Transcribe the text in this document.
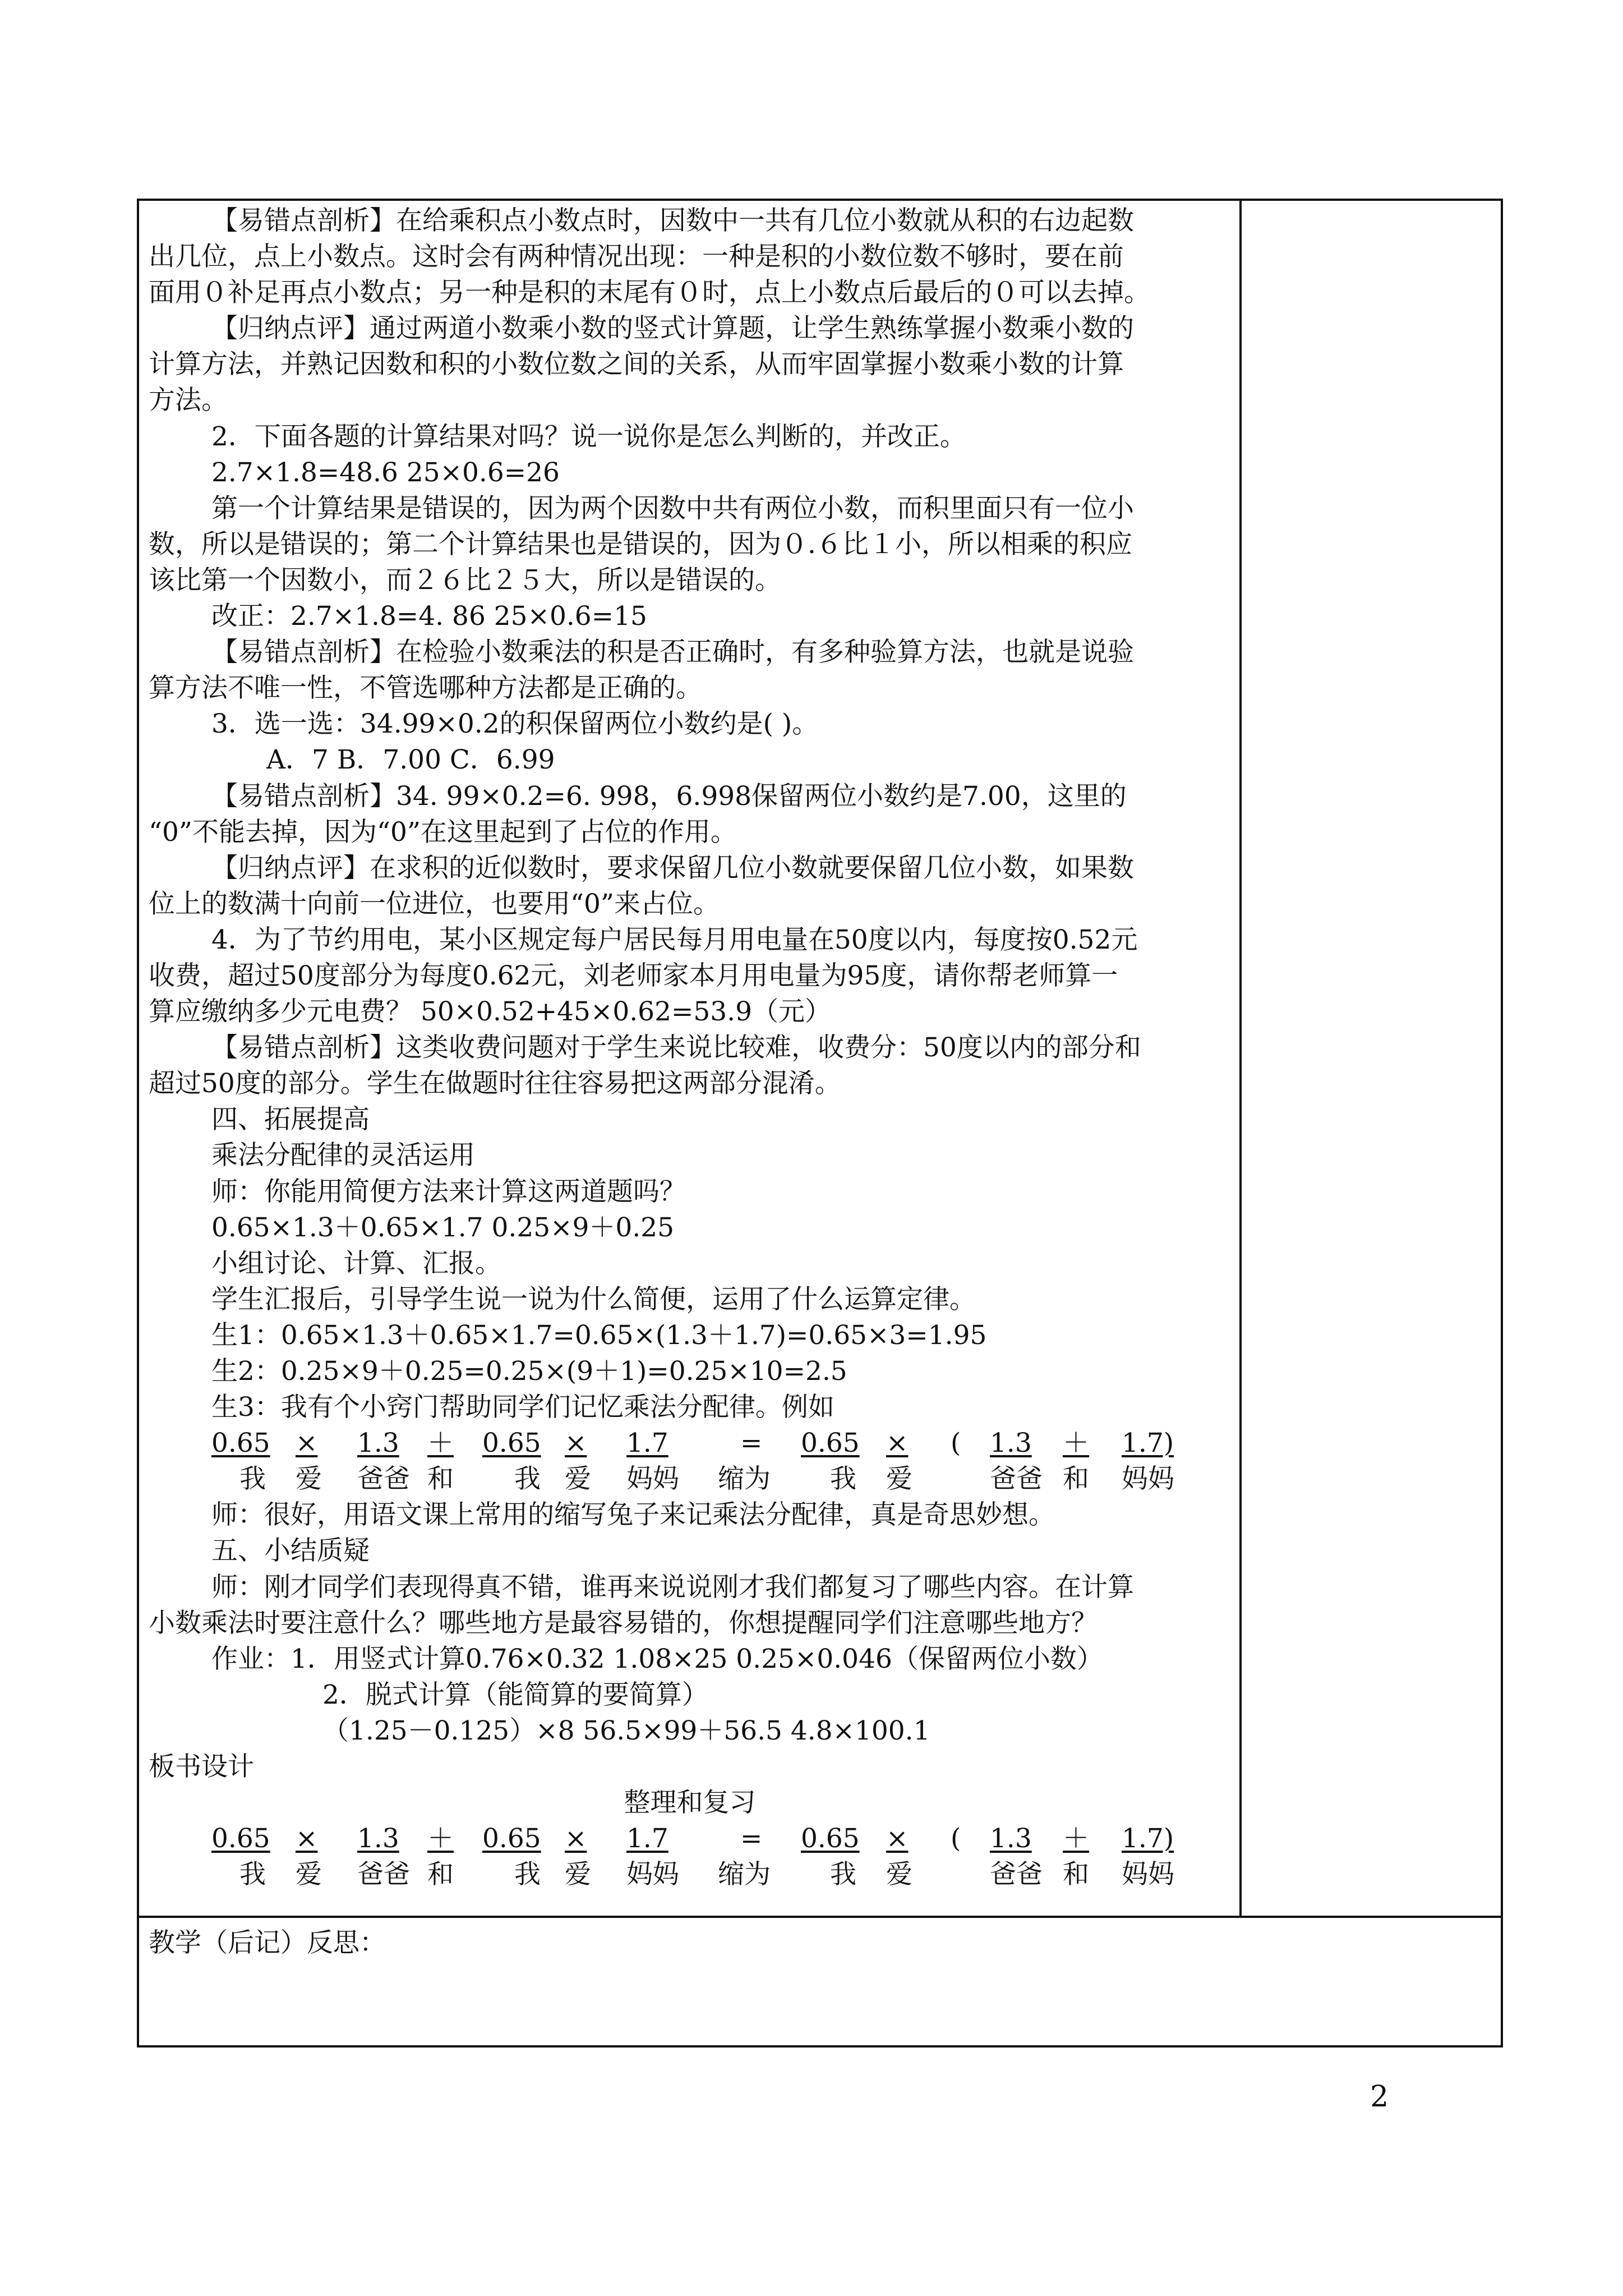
【易错点剖析】在给乘积点小数点时，因数中一共有几位小数就从积的右边起数
出几位，点上小数点。这时会有两种情况出现：一种是积的小数位数不够时，要在前
面用０补足再点小数点；另一种是积的末尾有０时，点上小数点后最后的０可以去掉。
【归纳点评】通过两道小数乘小数的竖式计算题，让学生熟练掌握小数乘小数的
计算方法，并熟记因数和积的小数位数之间的关系，从而牢固掌握小数乘小数的计算
方法。
2．下面各题的计算结果对吗？说一说你是怎么判断的，并改正。
2.7×1.8=48.6 25×0.6=26
第一个计算结果是错误的，因为两个因数中共有两位小数，而积里面只有一位小
数，所以是错误的；第二个计算结果也是错误的，因为０.６比１小，所以相乘的积应
该比第一个因数小，而２６比２５大，所以是错误的。
改正：2.7×1.8=4. 86 25×0.6=15
【易错点剖析】在检验小数乘法的积是否正确时，有多种验算方法，也就是说验
算方法不唯一性，不管选哪种方法都是正确的。
3．选一选：34.99×0.2的积保留两位小数约是( )。
A．7 B．7.00 C．6.99
【易错点剖析】34. 99×0.2=6. 998，6.998保留两位小数约是7.00，这里的
“0”不能去掉，因为“0”在这里起到了占位的作用。
【归纳点评】在求积的近似数时，要求保留几位小数就要保留几位小数，如果数
位上的数满十向前一位进位，也要用“0”来占位。
4．为了节约用电，某小区规定每户居民每月用电量在50度以内，每度按0.52元
收费，超过50度部分为每度0.62元，刘老师家本月用电量为95度，请你帮老师算一
算应缴纳多少元电费？ 50×0.52+45×0.62=53.9（元）
【易错点剖析】这类收费问题对于学生来说比较难，收费分：50度以内的部分和
超过50度的部分。学生在做题时往往容易把这两部分混淆。
四、拓展提高
乘法分配律的灵活运用
师：你能用简便方法来计算这两道题吗？
0.65×1.3＋0.65×1.7 0.25×9＋0.25
小组讨论、计算、汇报。
学生汇报后，引导学生说一说为什么简便，运用了什么运算定律。
生1：0.65×1.3＋0.65×1.7=0.65×(1.3＋1.7)=0.65×3=1.95
生2：0.25×9＋0.25=0.25×(9＋1)=0.25×10=2.5
生3：我有个小窍门帮助同学们记忆乘法分配律。例如
0.65 × 1.3 ＋ 0.65 × 1.7	= 0.65 × ( 1.3 ＋ 1.7)
我 爱 爸爸 和 我 爱 妈妈 缩为 我 爱	爸爸 和 妈妈
师：很好，用语文课上常用的缩写兔子来记乘法分配律，真是奇思妙想。
五、小结质疑
师：刚才同学们表现得真不错，谁再来说说刚才我们都复习了哪些内容。在计算
小数乘法时要注意什么？哪些地方是最容易错的，你想提醒同学们注意哪些地方？
作业：1．用竖式计算0.76×0.32 1.08×25 0.25×0.046（保留两位小数）
2．脱式计算（能简算的要简算）
（1.25－0.125）×8 56.5×99＋56.5 4.8×100.1
板书设计
整理和复习
0.65 × 1.3 ＋ 0.65 × 1.7	= 0.65 × ( 1.3 ＋ 1.7)
我 爱 爸爸 和 我 爱 妈妈 缩为 我 爱	爸爸 和 妈妈
教学（后记）反思：
2
